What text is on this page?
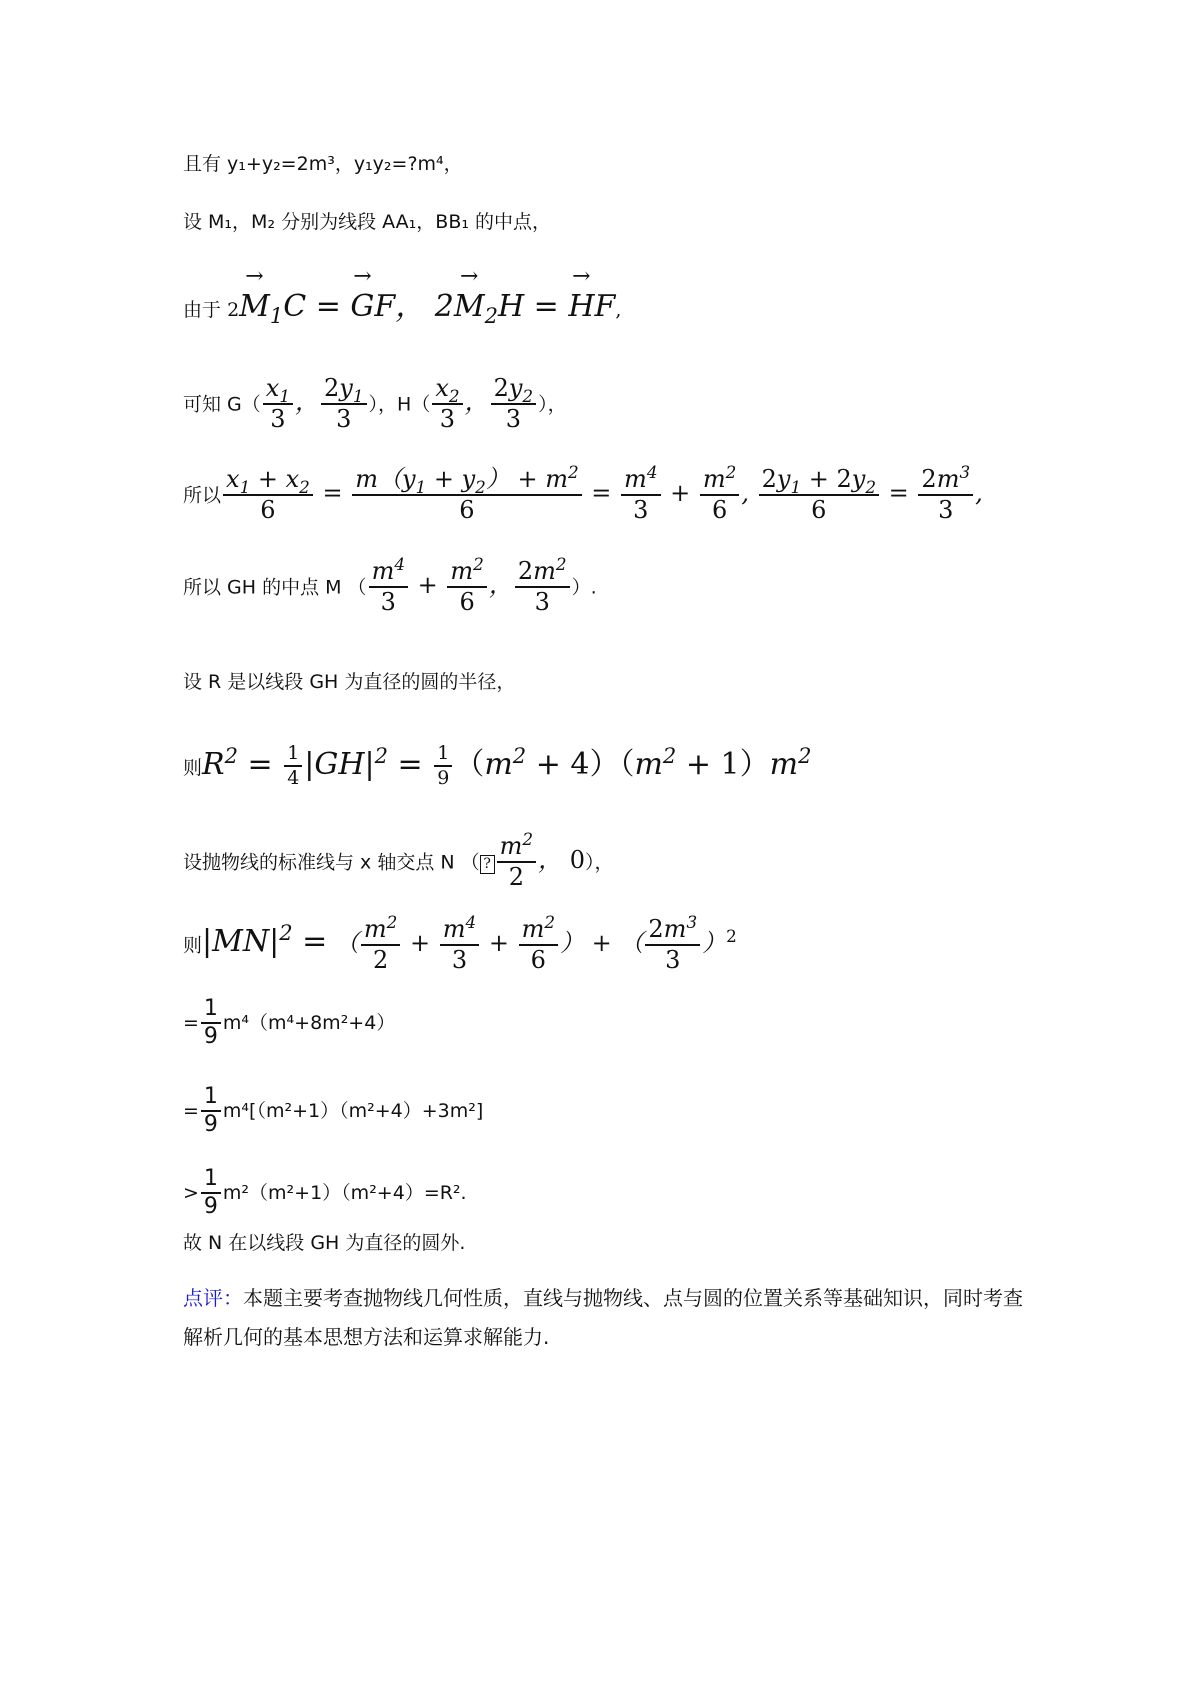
且有 y₁+y₂=2m³，y₁y₂=?m⁴，
设 M₁，M₂ 分别为线段 AA₁，BB₁ 的中点，
由于 $2\to M_1C$ = → GF， $2\to M_2H$ = → HF,
可知 $G( \frac{x_1}{3}$ ， $\frac{2y_1}{3}$ ），$H( \frac{x_2}{3}$ ， $\frac{2y_2}{3}$ ），
所以 $\frac{x_1 + x_2}{6} = \frac{m(y_1 + y_2) + m^2}{6} = \frac{m^4}{3} + \frac{m^2}{6}$ , $\frac{2y_1 + 2y_2}{6} = \frac{2m^3}{3}$ ,
所以 GH 的中点 M （ $\frac{m^4}{3} + \frac{m^2}{6}$ ， $\frac{2m^2}{3}$ ）.
设 R 是以线段 GH 为直径的圆的半径，
则$R^2 = \frac{1}{4} |GH|^2 = \frac{1}{9} (m^2 + 4)(m^2 + 1)m^2$
设抛物线的标准线与 x 轴交点 N （ ? $\frac{m^2}{2}$ ， 0），
则$|MN|^2$ = （ $\frac{m^2}{2} + \frac{m^4}{3} + \frac{m^2}{6}$ ） + （ $\frac{2m^3}{3} )^2$
= $\frac{1}{9} m^4(m^4+8m^2+4)$
= $\frac{1}{9} m^4[(m^2+1)(m^2+4)+3m^2]$
> $\frac{1}{9} m^2(m^2+1)(m^2+4)=R^2$.
故 N 在以线段 GH 为直径的圆外.
点评：本题主要考查抛物线几何性质，直线与抛物线、点与圆的位置关系等基础知识，同时考查解析几何的基本思想方法和运算求解能力.
